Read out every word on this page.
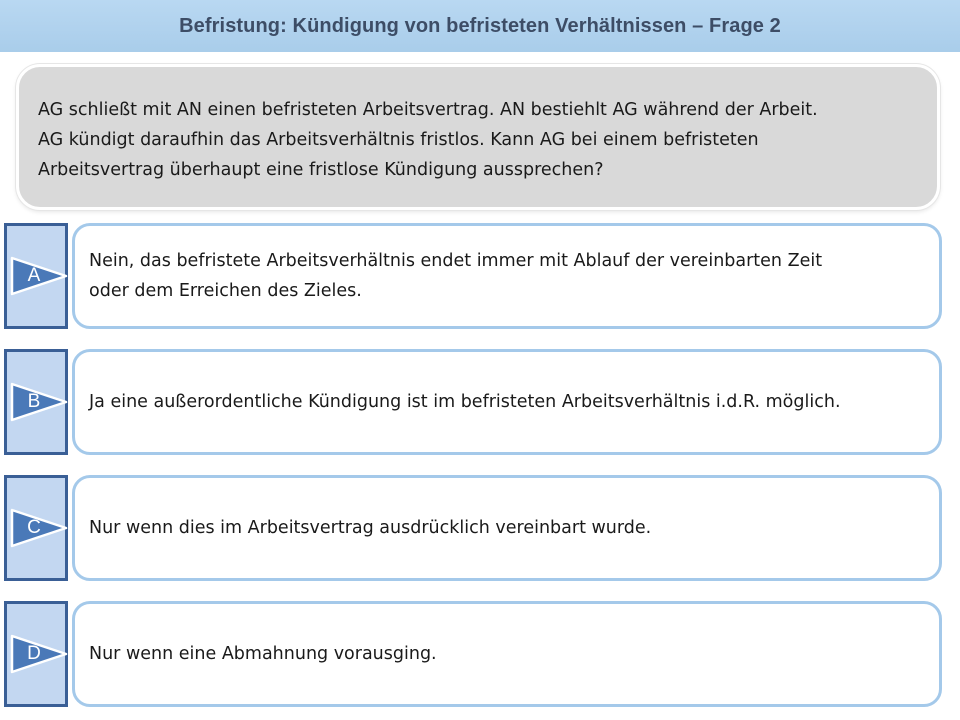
Befristung: Kündigung von befristeten Verhältnissen – Frage 2
AG schließt mit AN einen befristeten Arbeitsvertrag. AN bestiehlt AG während der Arbeit.
AG kündigt daraufhin das Arbeitsverhältnis fristlos. Kann AG bei einem befristeten
Arbeitsvertrag überhaupt eine fristlose Kündigung aussprechen?
Nein, das befristete Arbeitsverhältnis endet immer mit Ablauf der vereinbarten Zeit
oder dem Erreichen des Zieles.
A
Ja eine außerordentliche Kündigung ist im befristeten Arbeitsverhältnis i.d.R. möglich.
B
Nur wenn dies im Arbeitsvertrag ausdrücklich vereinbart wurde.
C
Nur wenn eine Abmahnung vorausging.
D
